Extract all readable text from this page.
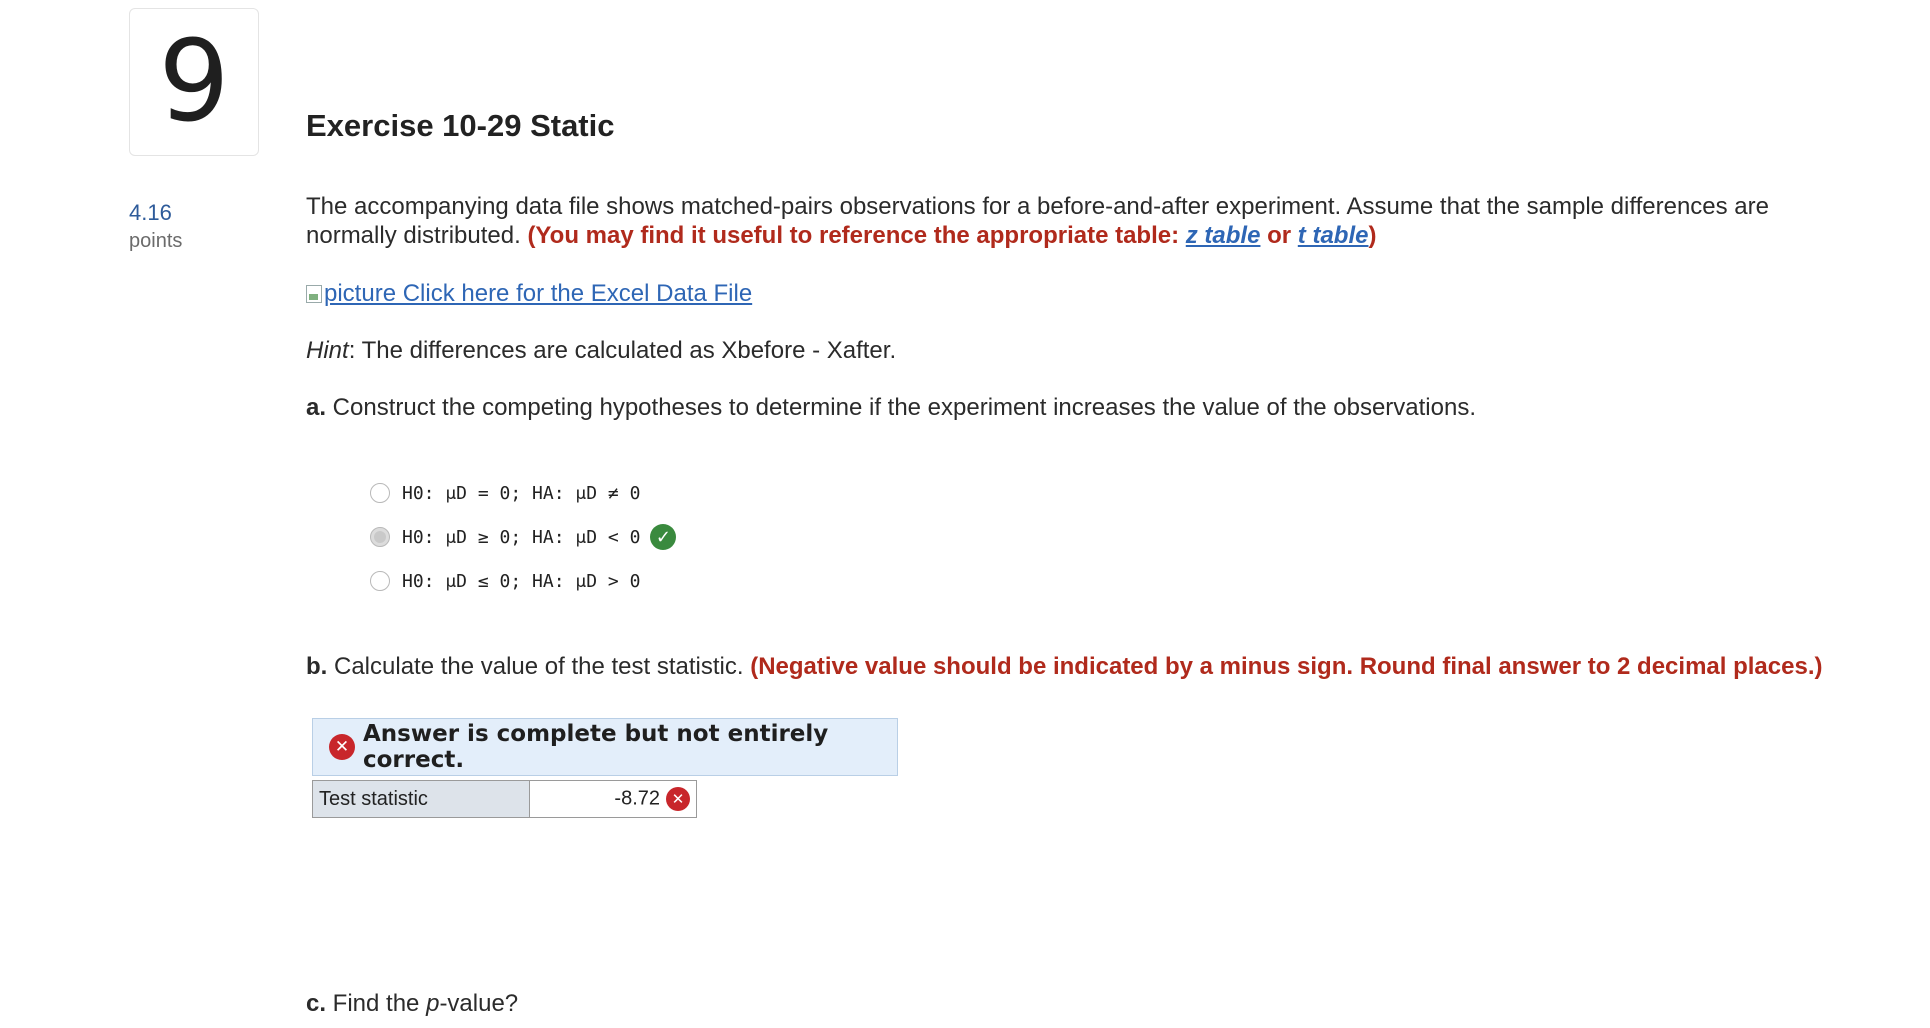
9 Exercise 10-29 Static
4.16
points
The accompanying data file shows matched-pairs observations for a before-and-after experiment. Assume that the sample differences are normally distributed. (You may find it useful to reference the appropriate table: z table or t table)
picture Click here for the Excel Data File
Hint: The differences are calculated as Xbefore - Xafter.
a. Construct the competing hypotheses to determine if the experiment increases the value of the observations.
H0: μD = 0; HA: μD ≠ 0
H0: μD ≥ 0; HA: μD < 0 ✓
H0: μD ≤ 0; HA: μD > 0
b. Calculate the value of the test statistic. (Negative value should be indicated by a minus sign. Round final answer to 2 decimal places.)
✕ Answer is complete but not entirely correct.
Test statistic	-8.72 ✕
c. Find the p-value?
